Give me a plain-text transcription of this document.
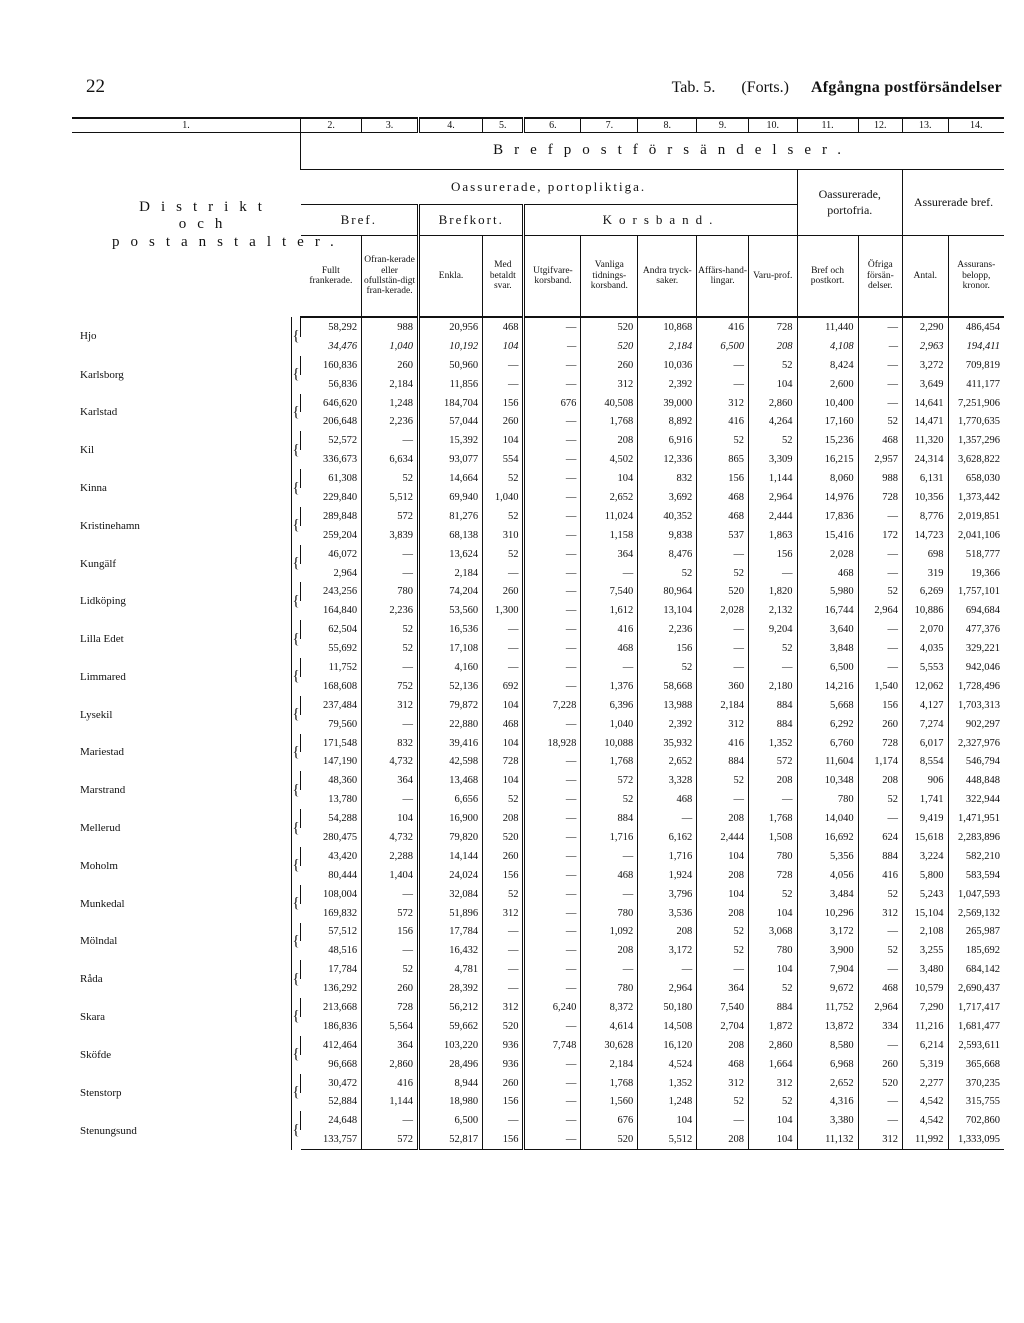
22	Tab. 5. (Forts.) Afgångna postförsändelser
1.		2.	3.	4.	5.	6.	7.	8.	9.	10.	11.	12.	13.	14.
Distrikt och postanstalter.		Brefpostförsändelser.												
		Oassurerade, portopliktiga.									Oassurerade, portofria.		Assurerade bref.	
		Bref.		Brefkort.		Korsband.								
		Fullt frankerade.	Ofran-kerade eller ofullstän-digt fran-kerade.	Enkla.	Med betaldt svar.	Utgifvare-korsband.	Vanliga tidnings-korsband.	Andra tryck-saker.	Affärs-hand-lingar.	Varu-prof.	Bref och postkort.	Öfriga försän-delser.	Antal.	Assurans-belopp, kronor.
Hjo	{	58,292	988	20,956	468	—	520	10,868	416	728	11,440	—	2,290	486,454
		34,476	1,040	10,192	104	—	520	2,184	6,500	208	4,108	—	2,963	194,411
Karlsborg	{	160,836	260	50,960	—	—	260	10,036	—	52	8,424	—	3,272	709,819
		56,836	2,184	11,856	—	—	312	2,392	—	104	2,600	—	3,649	411,177
Karlstad	{	646,620	1,248	184,704	156	676	40,508	39,000	312	2,860	10,400	—	14,641	7,251,906
		206,648	2,236	57,044	260	—	1,768	8,892	416	4,264	17,160	52	14,471	1,770,635
Kil	{	52,572	—	15,392	104	—	208	6,916	52	52	15,236	468	11,320	1,357,296
		336,673	6,634	93,077	554	—	4,502	12,336	865	3,309	16,215	2,957	24,314	3,628,822
Kinna	{	61,308	52	14,664	52	—	104	832	156	1,144	8,060	988	6,131	658,030
		229,840	5,512	69,940	1,040	—	2,652	3,692	468	2,964	14,976	728	10,356	1,373,442
Kristinehamn	{	289,848	572	81,276	52	—	11,024	40,352	468	2,444	17,836	—	8,776	2,019,851
		259,204	3,839	68,138	310	—	1,158	9,838	537	1,863	15,416	172	14,723	2,041,106
Kungälf	{	46,072	—	13,624	52	—	364	8,476	—	156	2,028	—	698	518,777
		2,964	—	2,184	—	—	—	52	52	—	468	—	319	19,366
Lidköping	{	243,256	780	74,204	260	—	7,540	80,964	520	1,820	5,980	52	6,269	1,757,101
		164,840	2,236	53,560	1,300	—	1,612	13,104	2,028	2,132	16,744	2,964	10,886	694,684
Lilla Edet	{	62,504	52	16,536	—	—	416	2,236	—	9,204	3,640	—	2,070	477,376
		55,692	52	17,108	—	—	468	156	—	52	3,848	—	4,035	329,221
Limmared	{	11,752	—	4,160	—	—	—	52	—	—	6,500	—	5,553	942,046
		168,608	752	52,136	692	—	1,376	58,668	360	2,180	14,216	1,540	12,062	1,728,496
Lysekil	{	237,484	312	79,872	104	7,228	6,396	13,988	2,184	884	5,668	156	4,127	1,703,313
		79,560	—	22,880	468	—	1,040	2,392	312	884	6,292	260	7,274	902,297
Mariestad	{	171,548	832	39,416	104	18,928	10,088	35,932	416	1,352	6,760	728	6,017	2,327,976
		147,190	4,732	42,598	728	—	1,768	2,652	884	572	11,604	1,174	8,554	546,794
Marstrand	{	48,360	364	13,468	104	—	572	3,328	52	208	10,348	208	906	448,848
		13,780	—	6,656	52	—	52	468	—	—	780	52	1,741	322,944
Mellerud	{	54,288	104	16,900	208	—	884	—	208	1,768	14,040	—	9,419	1,471,951
		280,475	4,732	79,820	520	—	1,716	6,162	2,444	1,508	16,692	624	15,618	2,283,896
Moholm	{	43,420	2,288	14,144	260	—	—	1,716	104	780	5,356	884	3,224	582,210
		80,444	1,404	24,024	156	—	468	1,924	208	728	4,056	416	5,800	583,594
Munkedal	{	108,004	—	32,084	52	—	—	3,796	104	52	3,484	52	5,243	1,047,593
		169,832	572	51,896	312	—	780	3,536	208	104	10,296	312	15,104	2,569,132
Mölndal	{	57,512	156	17,784	—	—	1,092	208	52	3,068	3,172	—	2,108	265,987
		48,516	—	16,432	—	—	208	3,172	52	780	3,900	52	3,255	185,692
Råda	{	17,784	52	4,781	—	—	—	—	—	104	7,904	—	3,480	684,142
		136,292	260	28,392	—	—	780	2,964	364	52	9,672	468	10,579	2,690,437
Skara	{	213,668	728	56,212	312	6,240	8,372	50,180	7,540	884	11,752	2,964	7,290	1,717,417
		186,836	5,564	59,662	520	—	4,614	14,508	2,704	1,872	13,872	334	11,216	1,681,477
Sköfde	{	412,464	364	103,220	936	7,748	30,628	16,120	208	2,860	8,580	—	6,214	2,593,611
		96,668	2,860	28,496	936	—	2,184	4,524	468	1,664	6,968	260	5,319	365,668
Stenstorp	{	30,472	416	8,944	260	—	1,768	1,352	312	312	2,652	520	2,277	370,235
		52,884	1,144	18,980	156	—	1,560	1,248	52	52	4,316	—	4,542	315,755
Stenungsund	{	24,648	—	6,500	—	—	676	104	—	104	3,380	—	4,542	702,860
		133,757	572	52,817	156	—	520	5,512	208	104	11,132	312	11,992	1,333,095
